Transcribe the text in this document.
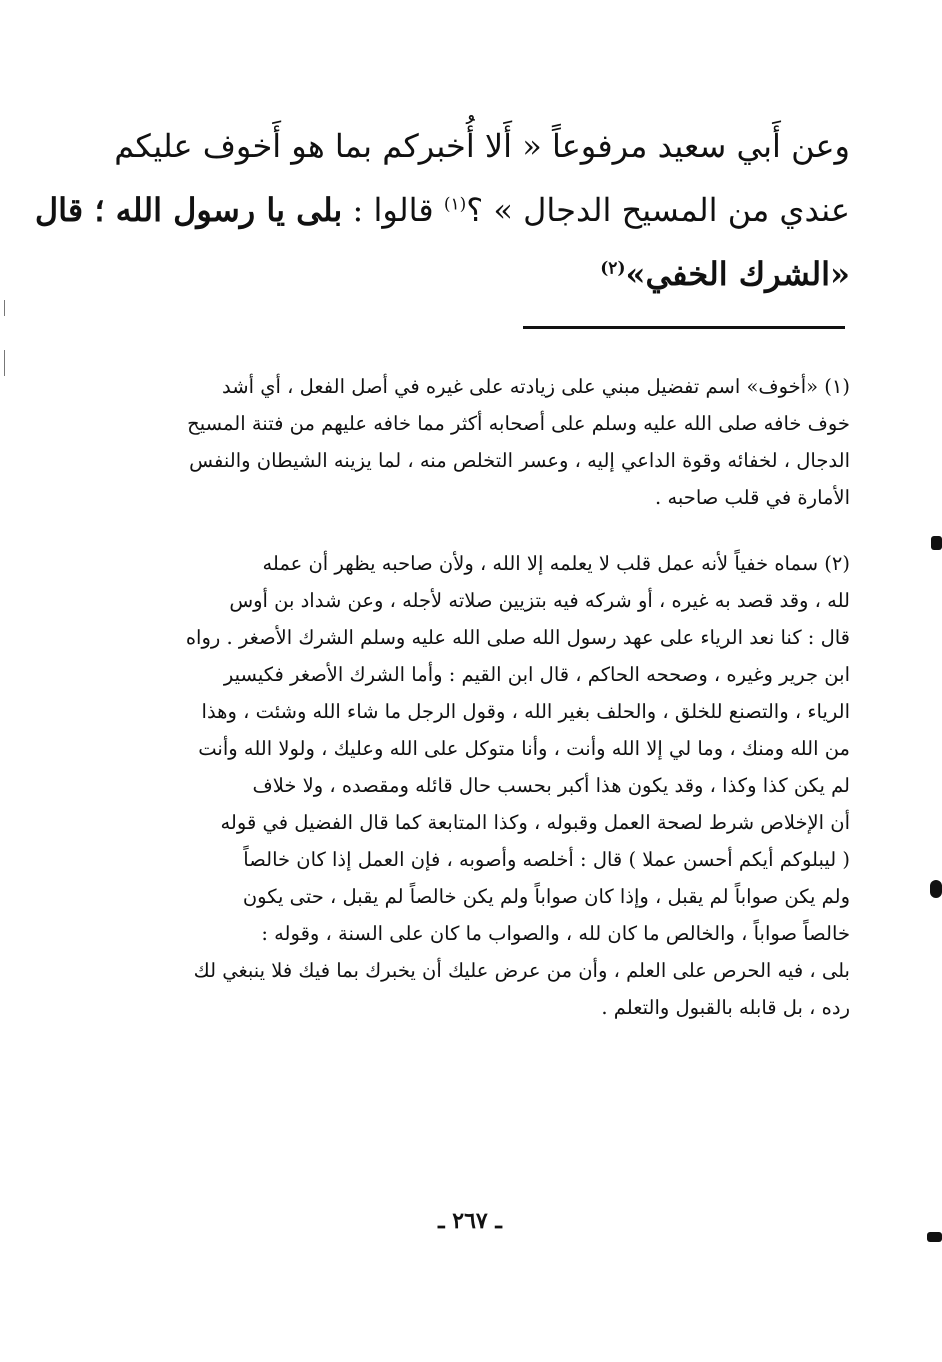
وعن أَبي سعيد مرفوعاً « أَلا أُخبركم بما هو أَخوف عليكم
عندي من المسيح الدجال » ؟$^{(١)}$ قالوا : بلى يا رسول الله ؛ قال
«الشرك الخفي»$^{(٢)}$
(١) «أخوف» اسم تفضيل مبني على زيادته على غيره في أصل الفعل ، أي أشد
خوف خافه صلى الله عليه وسلم على أصحابه أكثر مما خافه عليهم من فتنة المسيح
الدجال ، لخفائه وقوة الداعي إليه ، وعسر التخلص منه ، لما يزينه الشيطان والنفس
الأمارة في قلب صاحبه .
(٢) سماه خفياً لأنه عمل قلب لا يعلمه إلا الله ، ولأن صاحبه يظهر أن عمله
لله ، وقد قصد به غيره ، أو شركه فيه بتزيين صلاته لأجله ، وعن شداد بن أوس
قال : كنا نعد الرياء على عهد رسول الله صلى الله عليه وسلم الشرك الأصغر . رواه
ابن جرير وغيره ، وصححه الحاكم ، قال ابن القيم : وأما الشرك الأصغر فكيسير
الرياء ، والتصنع للخلق ، والحلف بغير الله ، وقول الرجل ما شاء الله وشئت ، وهذا
من الله ومنك ، وما لي إلا الله وأنت ، وأنا متوكل على الله وعليك ، ولولا الله وأنت
لم يكن كذا وكذا ، وقد يكون هذا أكبر بحسب حال قائله ومقصده ، ولا خلاف
أن الإخلاص شرط لصحة العمل وقبوله ، وكذا المتابعة كما قال الفضيل في قوله
( ليبلوكم أيكم أحسن عملا ) قال : أخلصه وأصوبه ، فإن العمل إذا كان خالصاً
ولم يكن صواباً لم يقبل ، وإذا كان صواباً ولم يكن خالصاً لم يقبل ، حتى يكون
خالصاً صواباً ، والخالص ما كان لله ، والصواب ما كان على السنة ، وقوله :
بلى ، فيه الحرص على العلم ، وأن من عرض عليك أن يخبرك بما فيك فلا ينبغي لك
رده ، بل قابله بالقبول والتعلم .
ـ ٢٦٧ ـ
